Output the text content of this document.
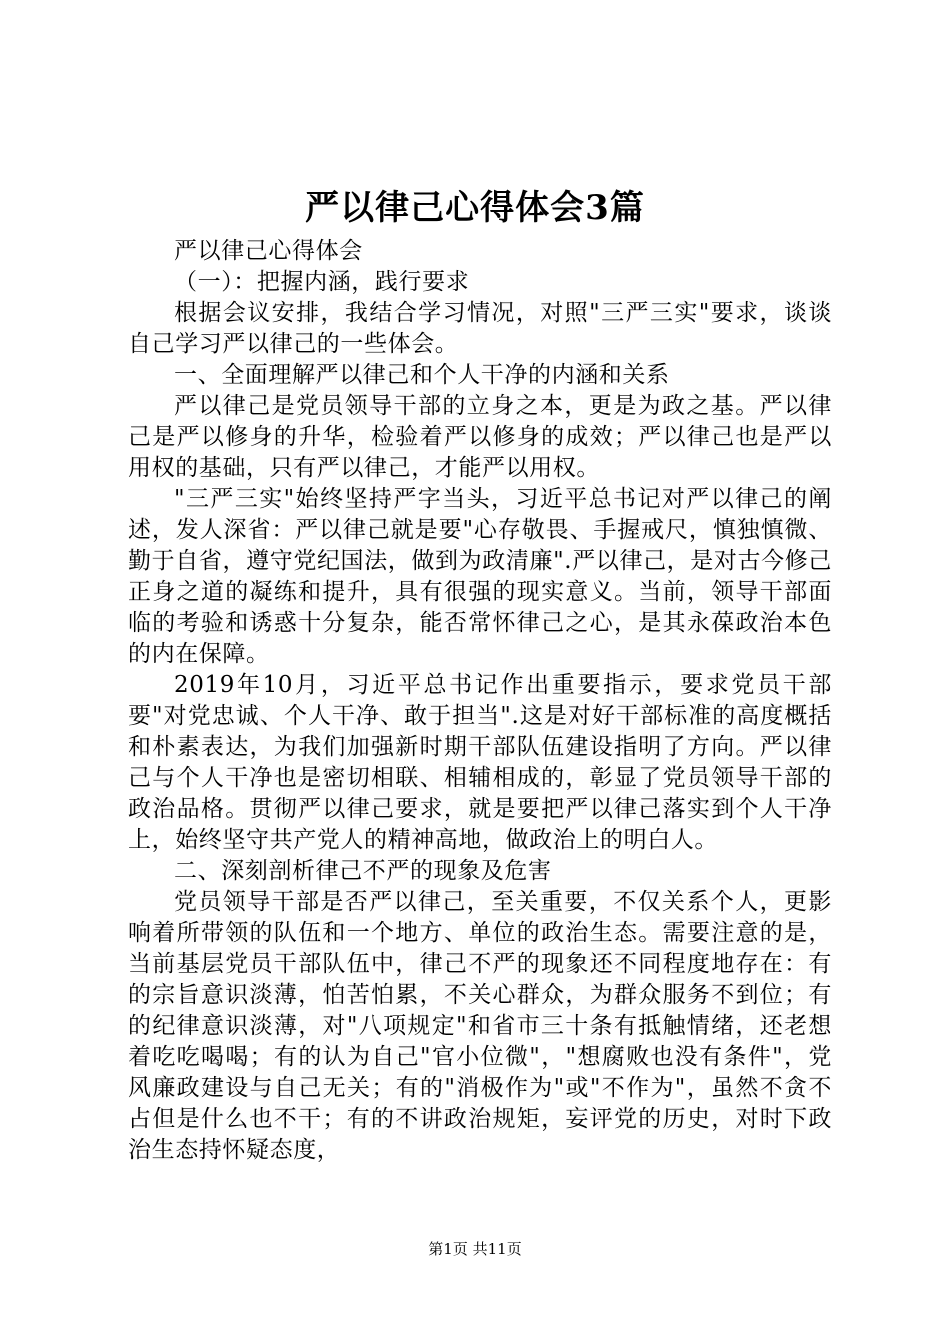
严以律己心得体会3篇

严以律己心得体会

（一）：把握内涵，践行要求

根据会议安排，我结合学习情况，对照"三严三实"要求，谈谈自己学习严以律己的一些体会。

一、全面理解严以律己和个人干净的内涵和关系

严以律己是党员领导干部的立身之本，更是为政之基。严以律己是严以修身的升华，检验着严以修身的成效；严以律己也是严以用权的基础，只有严以律己，才能严以用权。

"三严三实"始终坚持严字当头，习近平总书记对严以律己的阐述，发人深省：严以律己就是要"心存敬畏、手握戒尺，慎独慎微、勤于自省，遵守党纪国法，做到为政清廉".严以律己，是对古今修己正身之道的凝练和提升，具有很强的现实意义。当前，领导干部面临的考验和诱惑十分复杂，能否常怀律己之心，是其永葆政治本色的内在保障。

2019年10月，习近平总书记作出重要指示，要求党员干部要"对党忠诚、个人干净、敢于担当".这是对好干部标准的高度概括和朴素表达，为我们加强新时期干部队伍建设指明了方向。严以律己与个人干净也是密切相联、相辅相成的，彰显了党员领导干部的政治品格。贯彻严以律己要求，就是要把严以律己落实到个人干净上，始终坚守共产党人的精神高地，做政治上的明白人。

二、深刻剖析律己不严的现象及危害

党员领导干部是否严以律己，至关重要，不仅关系个人，更影响着所带领的队伍和一个地方、单位的政治生态。需要注意的是，当前基层党员干部队伍中，律己不严的现象还不同程度地存在：有的宗旨意识淡薄，怕苦怕累，不关心群众，为群众服务不到位；有的纪律意识淡薄，对"八项规定"和省市三十条有抵触情绪，还老想着吃吃喝喝；有的认为自己"官小位微"，"想腐败也没有条件"，党风廉政建设与自己无关；有的"消极作为"或"不作为"，虽然不贪不占但是什么也不干；有的不讲政治规矩，妄评党的历史，对时下政治生态持怀疑态度，

第1页 共11页
